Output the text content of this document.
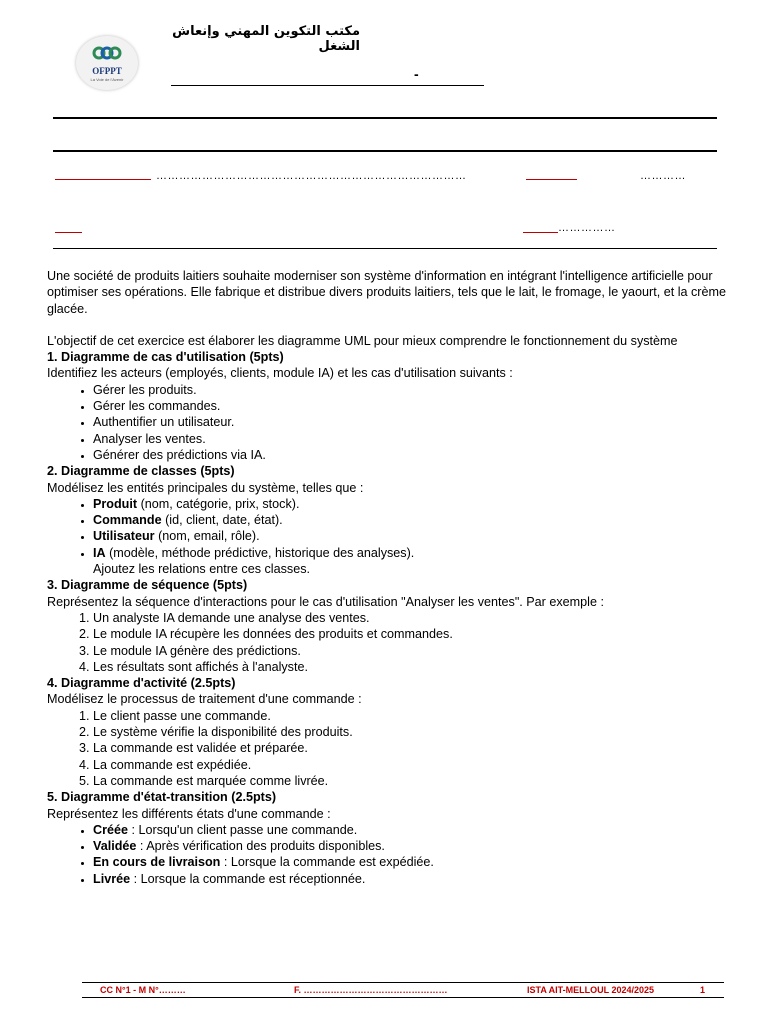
OFPPT
La Voie de l'Avenir
مكتب التكوين المهني وإنعاش الشغل
-
………………………………………………………………………	…………
……………

Une société de produits laitiers souhaite moderniser son système d'information en intégrant l'intelligence artificielle pour optimiser ses opérations. Elle fabrique et distribue divers produits laitiers, tels que le lait, le fromage, le yaourt, et la crème glacée.

L'objectif de cet exercice est élaborer les diagramme UML pour mieux comprendre le fonctionnement du système

1. Diagramme de cas d'utilisation (5pts)

Identifiez les acteurs (employés, clients, module IA) et les cas d'utilisation suivants :

• Gérer les produits.
• Gérer les commandes.
• Authentifier un utilisateur.
• Analyser les ventes.
• Générer des prédictions via IA.
2. Diagramme de classes (5pts)

Modélisez les entités principales du système, telles que :

• Produit (nom, catégorie, prix, stock).
• Commande (id, client, date, état).
• Utilisateur (nom, email, rôle).
• IA (modèle, méthode prédictive, historique des analyses).

Ajoutez les relations entre ces classes.

3. Diagramme de séquence (5pts)

Représentez la séquence d'interactions pour le cas d'utilisation "Analyser les ventes". Par exemple :

1. Un analyste IA demande une analyse des ventes.
2. Le module IA récupère les données des produits et commandes.
3. Le module IA génère des prédictions.
4. Les résultats sont affichés à l'analyste.
4. Diagramme d'activité (2.5pts)

Modélisez le processus de traitement d'une commande :

1. Le client passe une commande.
2. Le système vérifie la disponibilité des produits.
3. La commande est validée et préparée.
4. La commande est expédiée.
5. La commande est marquée comme livrée.
5. Diagramme d'état-transition (2.5pts)

Représentez les différents états d'une commande :

• Créée : Lorsqu'un client passe une commande.
• Validée : Après vérification des produits disponibles.
• En cours de livraison : Lorsque la commande est expédiée.
• Livrée : Lorsque la commande est réceptionnée.
CC N°1 - M N°………	F. …………………………………………	ISTA AIT-MELLOUL 2024/2025	1
